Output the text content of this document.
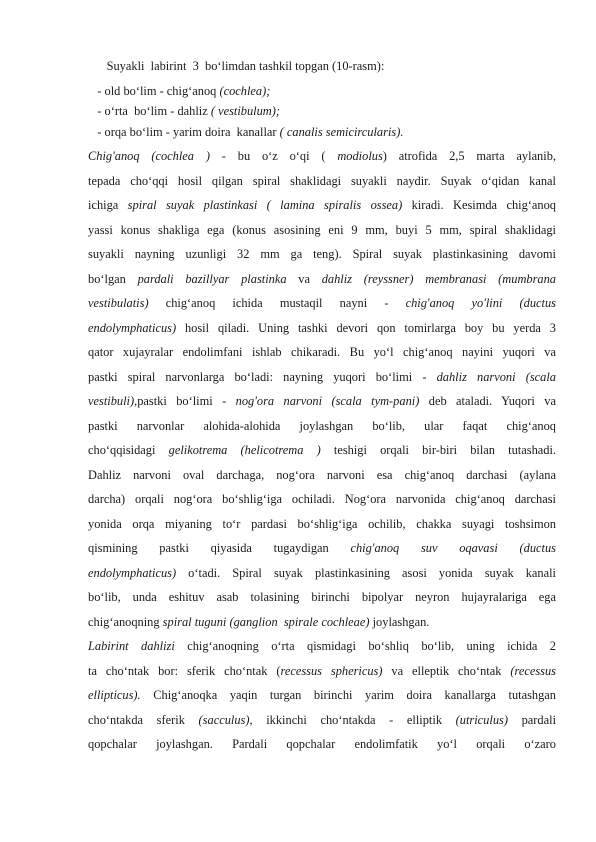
Suyakli  labirint  3  bo‘limdan tashkil topgan (10-rasm):
- old bo‘lim - chig‘anoq (cochlea);
- o‘rta  bo‘lim - dahliz ( vestibulum);
- orqa bo‘lim - yarim doira  kanallar ( canalis semicircularis).
Chig'anoq (cochlea ) - bu o‘z o‘qi ( modiolus) atrofida 2,5 marta aylanib,
tepada cho‘qqi hosil qilgan spiral shaklidagi suyakli naydir. Suyak o‘qidan kanal
ichiga spiral suyak plastinkasi ( lamina spiralis ossea) kiradi. Kesimda chig‘anoq
yassi konus shakliga ega (konus asosining eni 9 mm, buyi 5 mm, spiral shaklidagi
suyakli nayning uzunligi 32 mm ga teng). Spiral suyak plastinkasining davomi
bo‘lgan pardali bazillyar plastinka va dahliz (reyssner) membranasi (mumbrana
vestibulatis) chig‘anoq ichida mustaqil nayni - chig'anoq yo'lini (ductus
endolymphaticus) hosil qiladi. Uning tashki devori qon tomirlarga boy bu yerda 3
qator xujayralar endolimfani ishlab chikaradi. Bu yo‘l chig‘anoq nayini yuqori va
pastki spiral narvonlarga bo‘ladi: nayning yuqori bo‘limi - dahliz narvoni (scala
vestibuli),pastki bo‘limi - nog'ora narvoni (scala tym-pani) deb ataladi. Yuqori va
pastki narvonlar alohida-alohida joylashgan bo‘lib, ular faqat chig‘anoq
cho‘qqisidagi gelikotrema (helicotrema ) teshigi orqali bir-biri bilan tutashadi.
Dahliz narvoni oval darchaga, nog‘ora narvoni esa chig‘anoq darchasi (aylana
darcha) orqali nog‘ora bo‘shlig‘iga ochiladi. Nog‘ora narvonida chig‘anoq darchasi
yonida orqa miyaning to‘r pardasi bo‘shlig‘iga ochilib, chakka suyagi toshsimon
qismining pastki qiyasida tugaydigan chig'anoq suv oqavasi (ductus
endolymphaticus) o‘tadi. Spiral suyak plastinkasining asosi yonida suyak kanali
bo‘lib, unda eshituv asab tolasining birinchi bipolyar neyron hujayralariga ega
chig‘anoqning spiral tuguni (ganglion  spirale cochleae) joylashgan.
Labirint dahlizi chig‘anoqning o‘rta qismidagi bo‘shliq bo‘lib, uning ichida 2
ta cho‘ntak bor: sferik cho‘ntak (recessus sphericus) va elleptik cho‘ntak (recessus
ellipticus). Chig‘anoqka yaqin turgan birinchi yarim doira kanallarga tutashgan
cho‘ntakda sferik (sacculus), ikkinchi cho‘ntakda - elliptik (utriculus) pardali
qopchalar joylashgan. Pardali qopchalar endolimfatik yo‘l orqali o‘zaro
